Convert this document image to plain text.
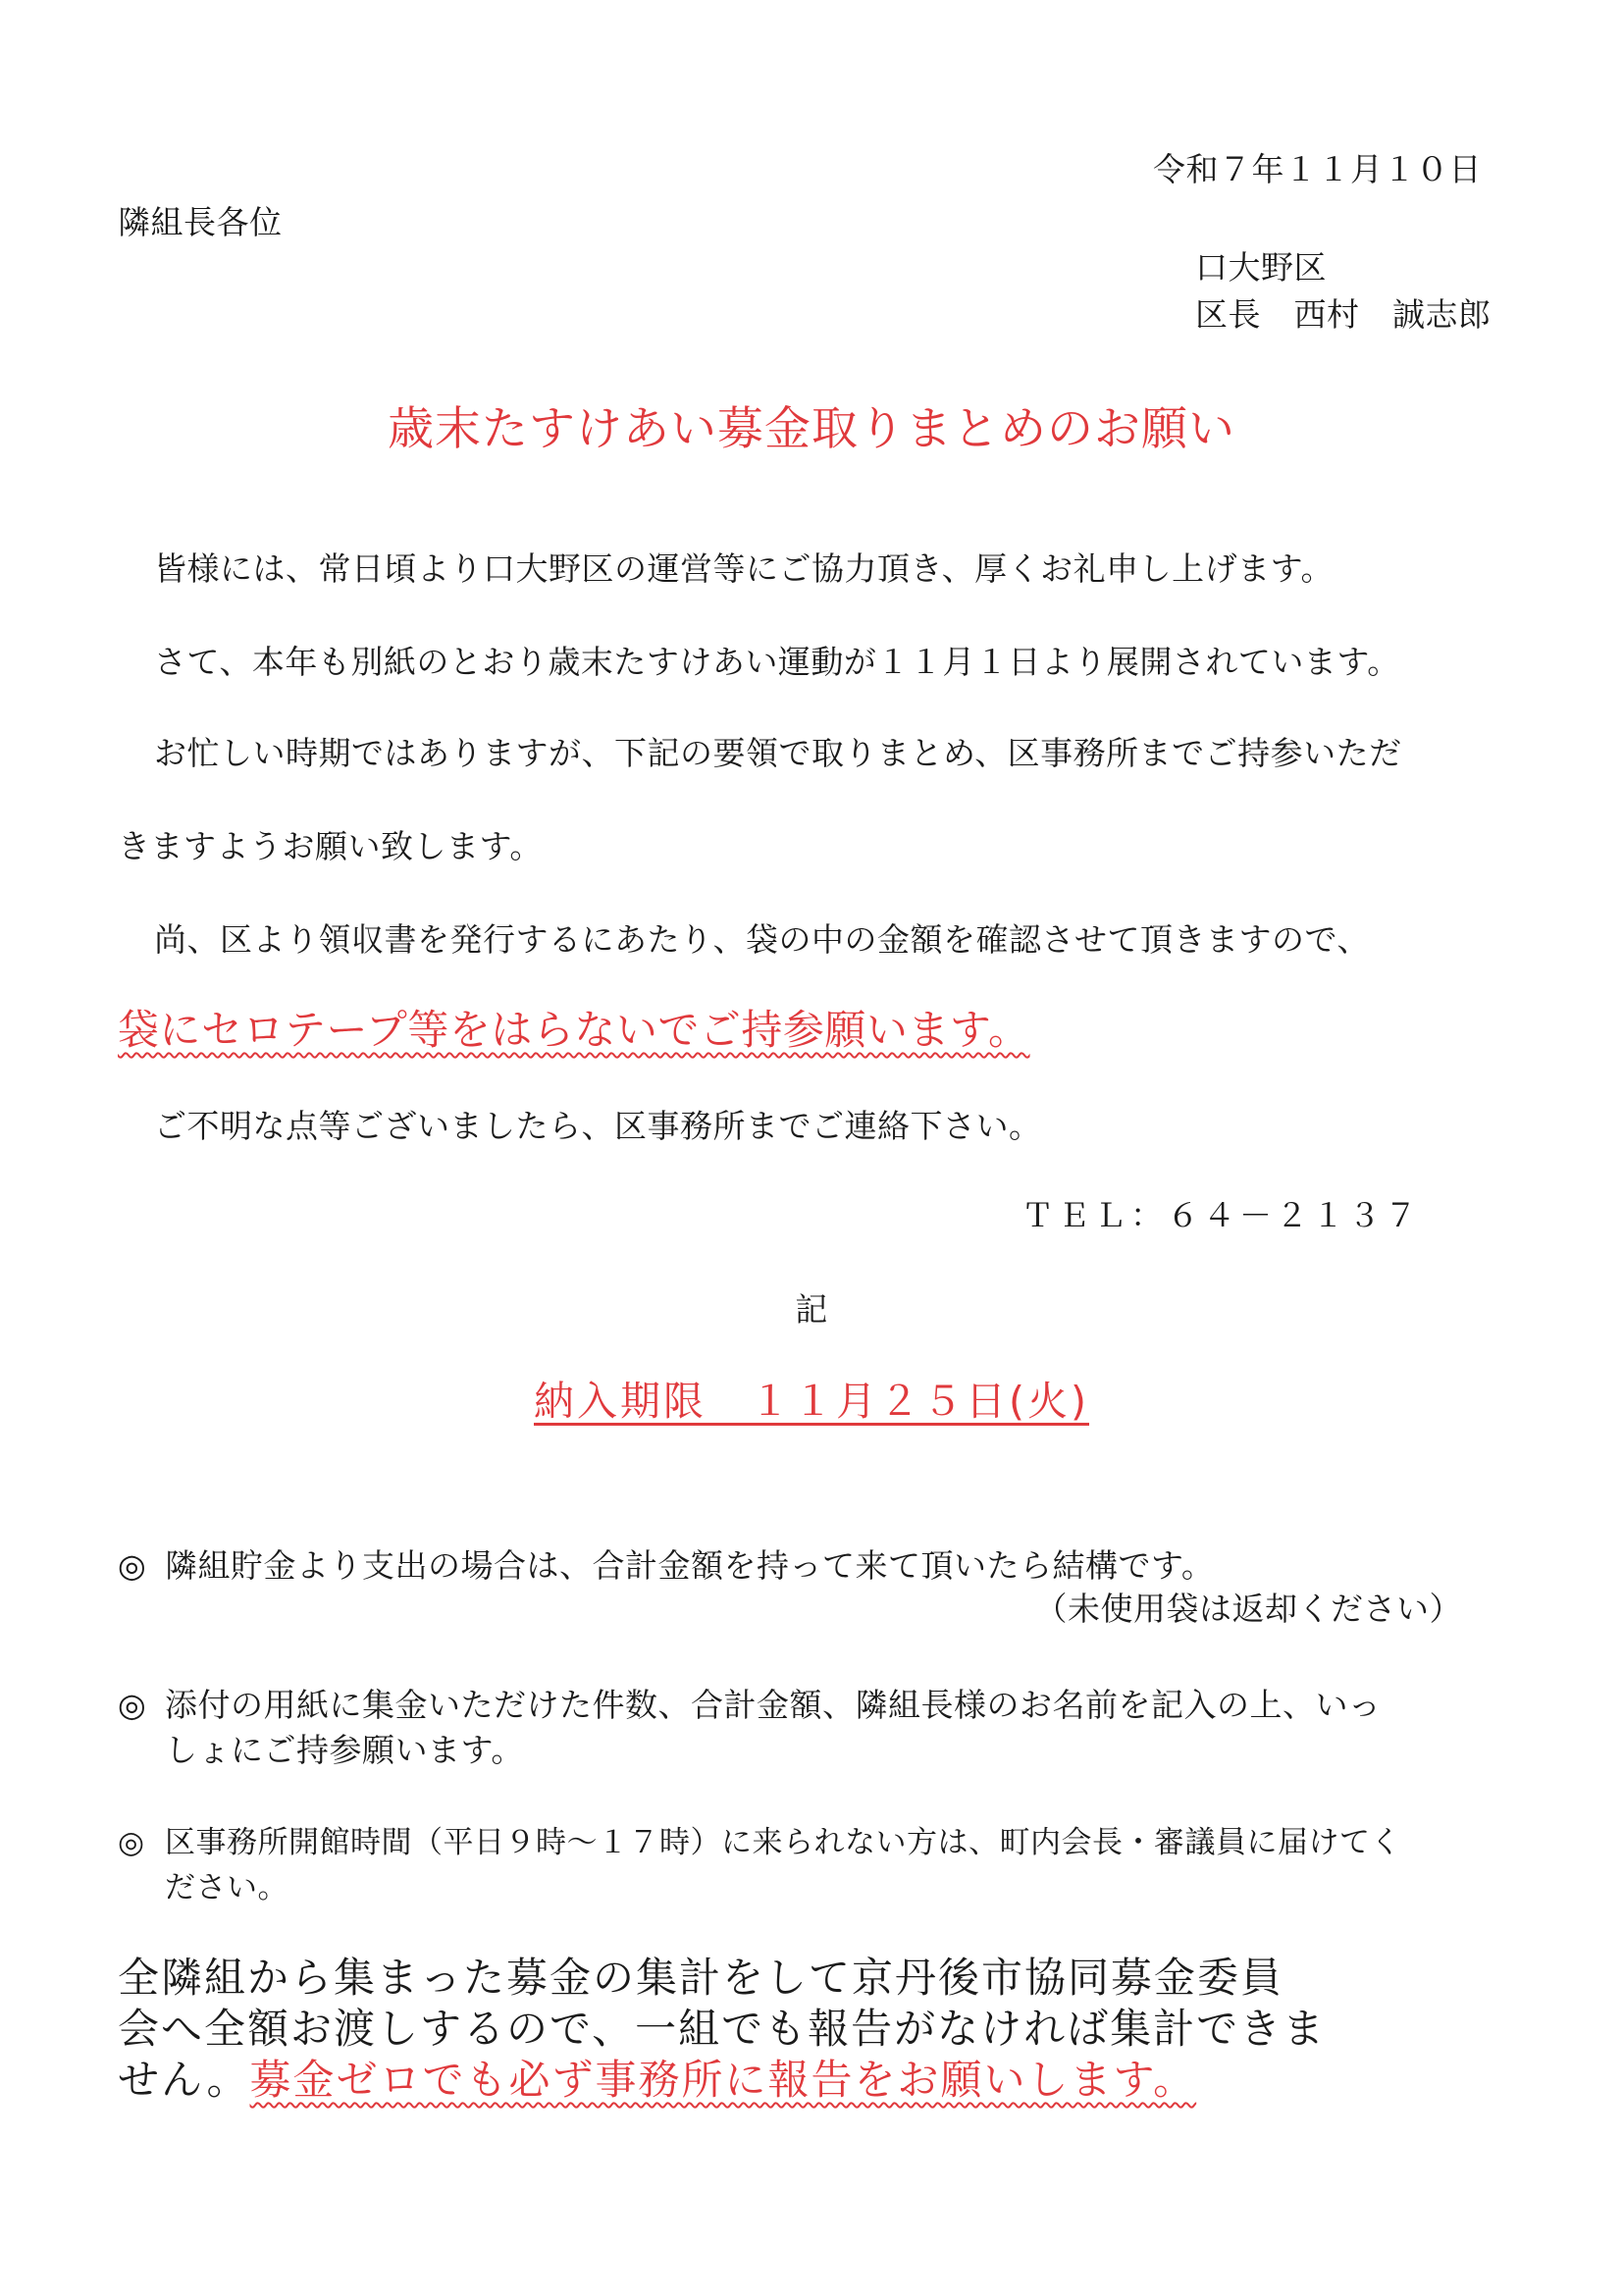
令和７年１１月１０日
隣組長各位
口大野区
区長　西村　誠志郎
歳末たすけあい募金取りまとめのお願い
皆様には、常日頃より口大野区の運営等にご協力頂き、厚くお礼申し上げます。
さて、本年も別紙のとおり歳末たすけあい運動が１１月１日より展開されています。
お忙しい時期ではありますが、下記の要領で取りまとめ、区事務所までご持参いただ
きますようお願い致します。
尚、区より領収書を発行するにあたり、袋の中の金額を確認させて頂きますので、
袋にセロテープ等をはらないでご持参願います。
ご不明な点等ございましたら、区事務所までご連絡下さい。
ＴＥＬ：６４－２１３７
記
納入期限　１１月２５日(火)
◎ 隣組貯金より支出の場合は、合計金額を持って来て頂いたら結構です。
（未使用袋は返却ください）
◎ 添付の用紙に集金いただけた件数、合計金額、隣組長様のお名前を記入の上、いっ
しょにご持参願います。
◎ 区事務所開館時間（平日９時～１７時）に来られない方は、町内会長・審議員に届けてく
ださい。
全隣組から集まった募金の集計をして京丹後市協同募金委員
会へ全額お渡しするので、一組でも報告がなければ集計できま
せん。募金ゼロでも必ず事務所に報告をお願いします。
